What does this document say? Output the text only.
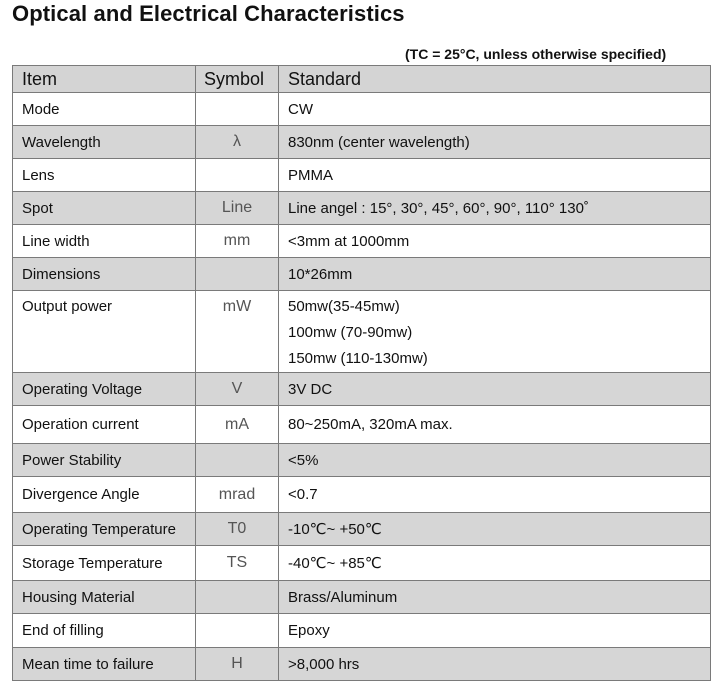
Optical and Electrical Characteristics
(TC = 25°C, unless otherwise specified)
Item	Symbol	Standard
Mode		CW
Wavelength	λ	830nm (center wavelength)
Lens		PMMA
Spot	Line	Line angel : 15°, 30°, 45°, 60°, 90°, 110° 130˚
Line width	mm	<3mm at 1000mm
Dimensions		10*26mm
Output power	mW	50mw(35-45mw)
100mw (70-90mw)
150mw (110-130mw)

Operating Voltage	V	3V DC
Operation current	mA	80~250mA, 320mA max.
Power Stability		<5%
Divergence Angle	mrad	<0.7
Operating Temperature	T0	-10℃~ +50℃
Storage Temperature	TS	-40℃~ +85℃
Housing Material		Brass/Aluminum
End of filling		Epoxy
Mean time to failure	H	>8,000 hrs
